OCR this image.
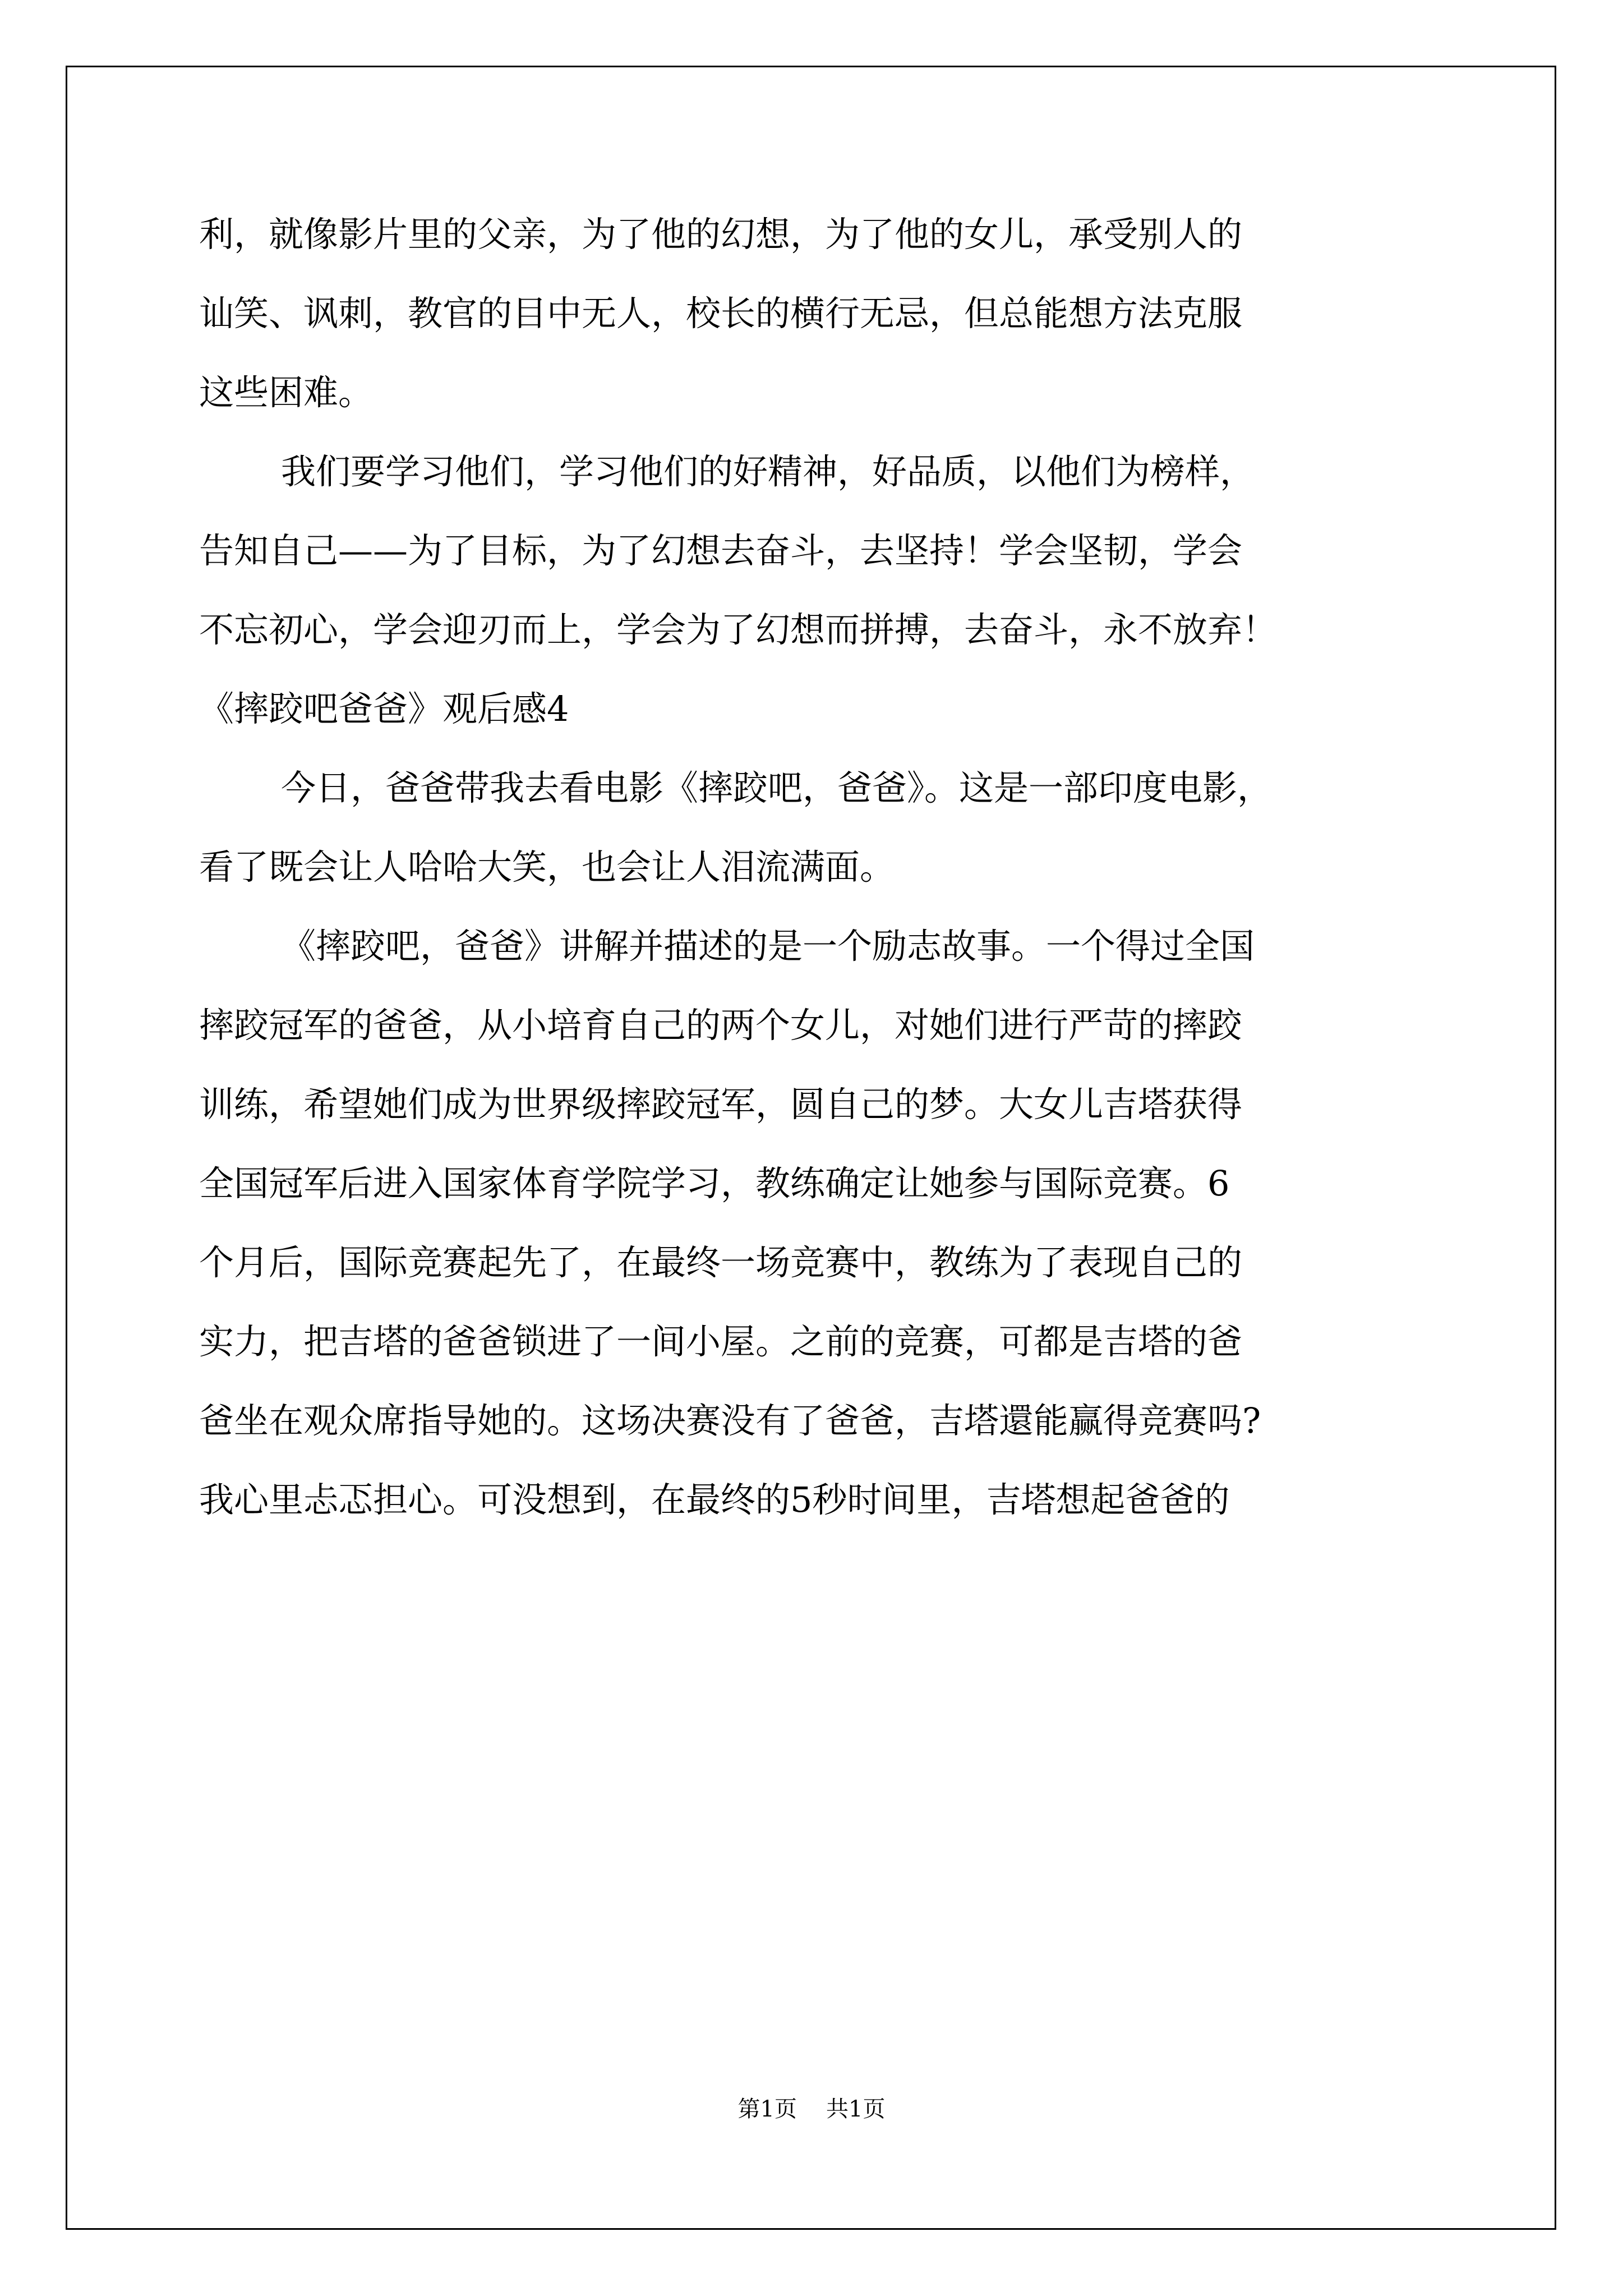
利，就像影片里的父亲，为了他的幻想，为了他的女儿，承受别人的
讪笑、讽刺，教官的目中无人，校长的横行无忌，但总能想方法克服
这些困难。
我们要学习他们，学习他们的好精神，好品质，以他们为榜样，
告知自己——为了目标，为了幻想去奋斗，去坚持！学会坚韧，学会
不忘初心，学会迎刃而上，学会为了幻想而拼搏，去奋斗，永不放弃！
《摔跤吧爸爸》观后感4
今日，爸爸带我去看电影《摔跤吧，爸爸》。这是一部印度电影，
看了既会让人哈哈大笑，也会让人泪流满面。
《摔跤吧，爸爸》讲解并描述的是一个励志故事。一个得过全国
摔跤冠军的爸爸，从小培育自己的两个女儿，对她们进行严苛的摔跤
训练，希望她们成为世界级摔跤冠军，圆自己的梦。大女儿吉塔获得
全国冠军后进入国家体育学院学习，教练确定让她参与国际竞赛。6
个月后，国际竞赛起先了，在最终一场竞赛中，教练为了表现自己的
实力，把吉塔的爸爸锁进了一间小屋。之前的竞赛，可都是吉塔的爸
爸坐在观众席指导她的。这场决赛没有了爸爸，吉塔還能赢得竞赛吗?
我心里忐忑担心。可没想到，在最终的5秒时间里，吉塔想起爸爸的
第1页 共1页
